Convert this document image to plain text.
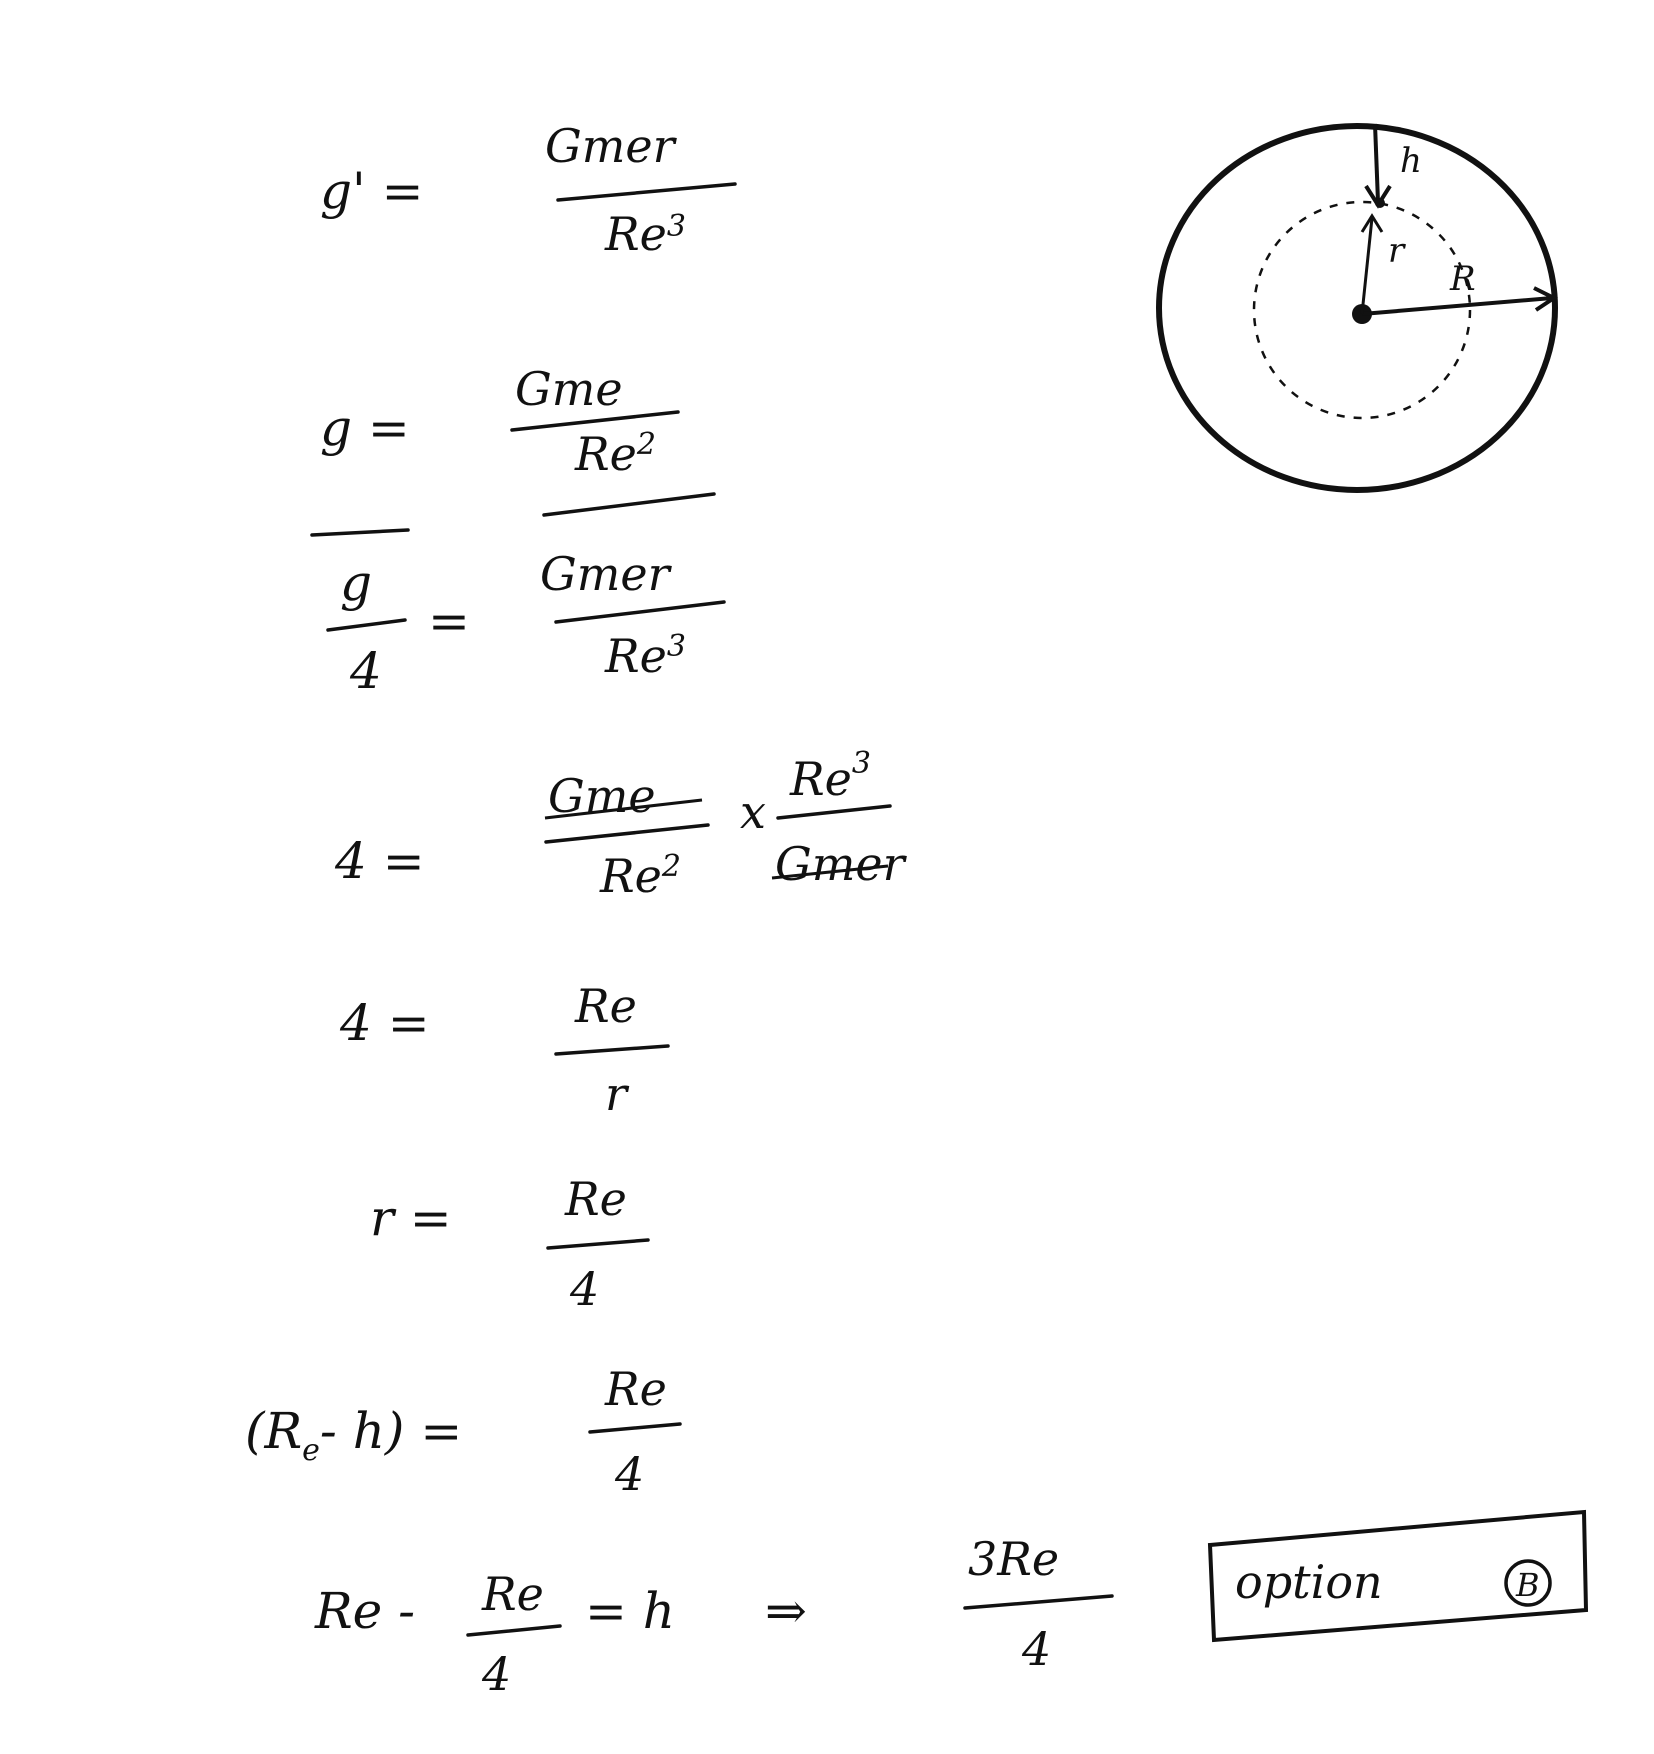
g' =
Gmer
Re$^3$
g =
Gme
Re$^2$
g
4
=
Gmer
Re$^3$
4 =
Gme
Re$^2$
x
Re$^3$
Gmer
4 =	Re
r
r = Re
4
($R_e-$ h) =
Re
4
Re - Re
4
= h ⇒
3Re
4
option	B
h
r
R
